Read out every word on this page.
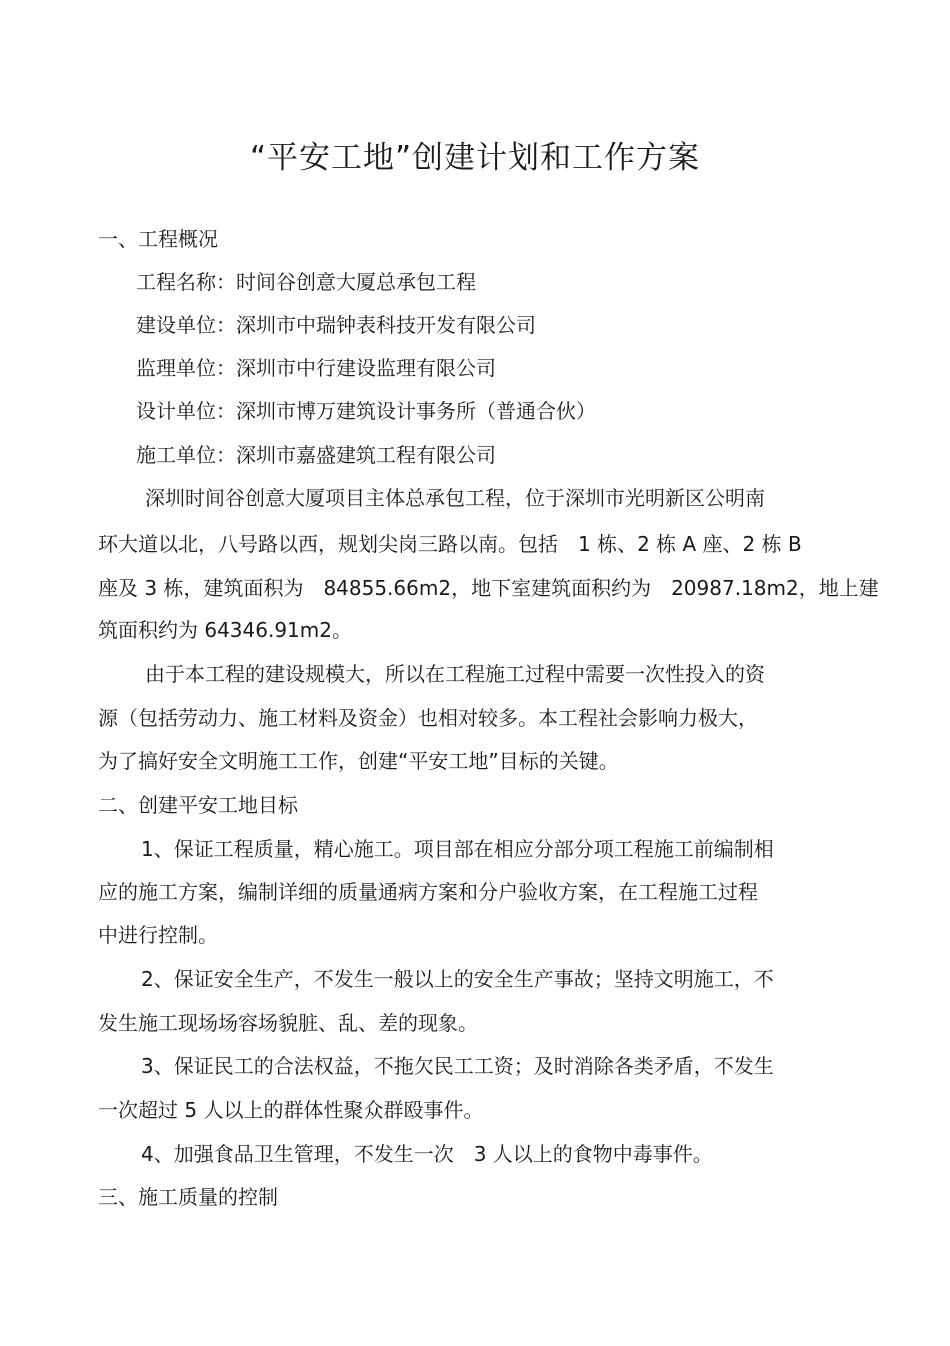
“平安工地”创建计划和工作方案
一、工程概况
工程名称：时间谷创意大厦总承包工程
建设单位：深圳市中瑞钟表科技开发有限公司
监理单位：深圳市中行建设监理有限公司
设计单位：深圳市博万建筑设计事务所（普通合伙）
施工单位：深圳市嘉盛建筑工程有限公司
深圳时间谷创意大厦项目主体总承包工程，位于深圳市光明新区公明南
环大道以北，八号路以西，规划尖岗三路以南。包括　1 栋、2 栋 A 座、2 栋 B
座及 3 栋，建筑面积为　84855.66m2，地下室建筑面积约为　20987.18m2，地上建
筑面积约为 64346.91m2。
由于本工程的建设规模大，所以在工程施工过程中需要一次性投入的资
源（包括劳动力、施工材料及资金）也相对较多。本工程社会影响力极大，
为了搞好安全文明施工工作，创建“平安工地”目标的关键。
二、创建平安工地目标
1、保证工程质量，精心施工。项目部在相应分部分项工程施工前编制相
应的施工方案，编制详细的质量通病方案和分户验收方案，在工程施工过程
中进行控制。
2、保证安全生产，不发生一般以上的安全生产事故；坚持文明施工，不
发生施工现场场容场貌脏、乱、差的现象。
3、保证民工的合法权益，不拖欠民工工资；及时消除各类矛盾，不发生
一次超过 5 人以上的群体性聚众群殴事件。
4、加强食品卫生管理，不发生一次　3 人以上的食物中毒事件。
三、施工质量的控制
